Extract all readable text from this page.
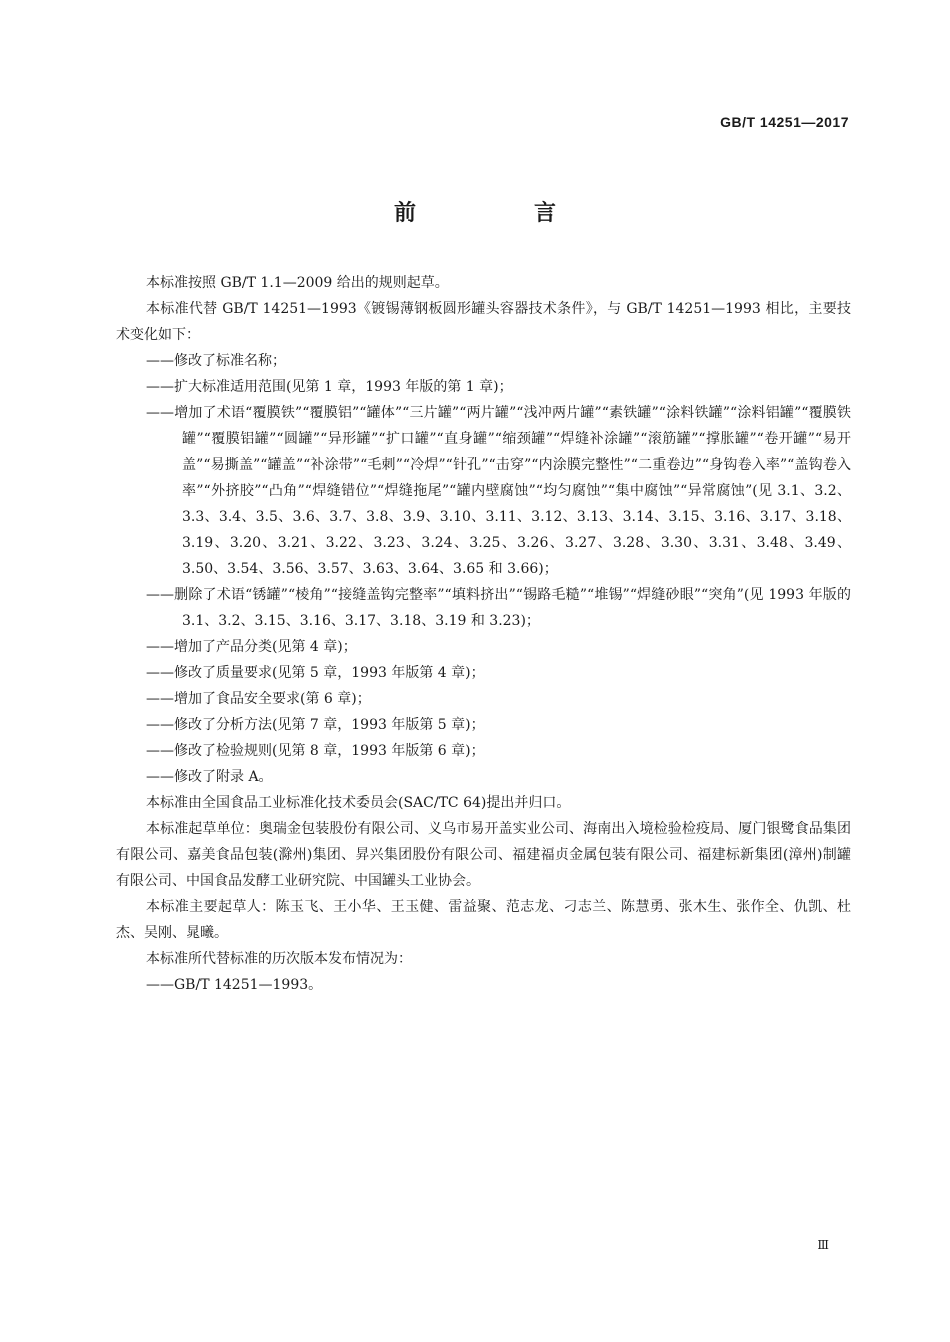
GB/T 14251—2017
前　言

本标准按照 GB/T 1.1—2009 给出的规则起草。

本标准代替 GB/T 14251—1993《镀锡薄钢板圆形罐头容器技术条件》，与 GB/T 14251—1993 相比，主要技术变化如下：

——修改了标准名称；

——扩大标准适用范围(见第 1 章，1993 年版的第 1 章)；

——增加了术语“覆膜铁”“覆膜铝”“罐体”“三片罐”“两片罐”“浅冲两片罐”“素铁罐”“涂料铁罐”“涂料铝罐”“覆膜铁罐”“覆膜铝罐”“圆罐”“异形罐”“扩口罐”“直身罐”“缩颈罐”“焊缝补涂罐”“滚筋罐”“撑胀罐”“卷开罐”“易开盖”“易撕盖”“罐盖”“补涂带”“毛刺”“冷焊”“针孔”“击穿”“内涂膜完整性”“二重卷边”“身钩卷入率”“盖钩卷入率”“外挤胶”“凸角”“焊缝错位”“焊缝拖尾”“罐内壁腐蚀”“均匀腐蚀”“集中腐蚀”“异常腐蚀”(见 3.1、3.2、3.3、3.4、3.5、3.6、3.7、3.8、3.9、3.10、3.11、3.12、3.13、3.14、3.15、3.16、3.17、3.18、3.19、3.20、3.21、3.22、3.23、3.24、3.25、3.26、3.27、3.28、3.30、3.31、3.48、3.49、3.50、3.54、3.56、3.57、3.63、3.64、3.65 和 3.66)；

——删除了术语“锈罐”“棱角”“接缝盖钩完整率”“填料挤出”“锡路毛糙”“堆锡”“焊缝砂眼”“突角”(见 1993 年版的 3.1、3.2、3.15、3.16、3.17、3.18、3.19 和 3.23)；

——增加了产品分类(见第 4 章)；

——修改了质量要求(见第 5 章，1993 年版第 4 章)；

——增加了食品安全要求(第 6 章)；

——修改了分析方法(见第 7 章，1993 年版第 5 章)；

——修改了检验规则(见第 8 章，1993 年版第 6 章)；

——修改了附录 A。

本标准由全国食品工业标准化技术委员会(SAC/TC 64)提出并归口。

本标准起草单位：奥瑞金包装股份有限公司、义乌市易开盖实业公司、海南出入境检验检疫局、厦门银鹭食品集团有限公司、嘉美食品包装(滁州)集团、昇兴集团股份有限公司、福建福贞金属包装有限公司、福建标新集团(漳州)制罐有限公司、中国食品发酵工业研究院、中国罐头工业协会。

本标准主要起草人：陈玉飞、王小华、王玉健、雷益聚、范志龙、刁志兰、陈慧勇、张木生、张作全、仇凯、杜杰、吴刚、晁曦。

本标准所代替标准的历次版本发布情况为：

——GB/T 14251—1993。

Ⅲ
